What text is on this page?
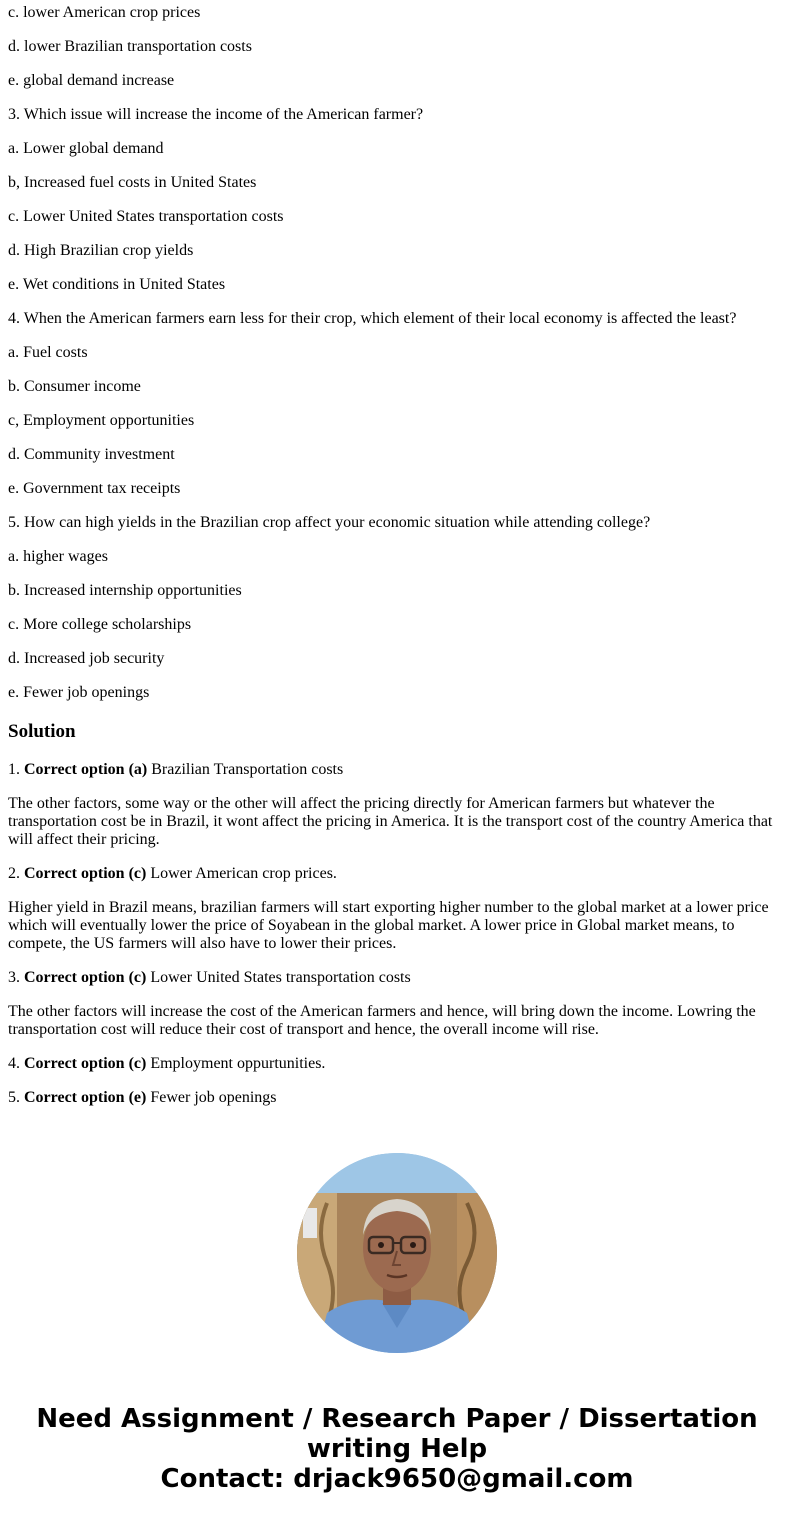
c. lower American crop prices

d. lower Brazilian transportation costs

e. global demand increase

3. Which issue will increase the income of the American farmer?

a. Lower global demand

b, Increased fuel costs in United States

c. Lower United States transportation costs

d. High Brazilian crop yields

e. Wet conditions in United States

4. When the American farmers earn less for their crop, which element of their local economy is affected the least?

a. Fuel costs

b. Consumer income

c, Employment opportunities

d. Community investment

e. Government tax receipts

5. How can high yields in the Brazilian crop affect your economic situation while attending college?

a. higher wages

b. Increased internship opportunities

c. More college scholarships

d. Increased job security

e. Fewer job openings

Solution

1. Correct option (a) Brazilian Transportation costs

The other factors, some way or the other will affect the pricing directly for American farmers but whatever the transportation cost be in Brazil, it wont affect the pricing in America. It is the transport cost of the country America that will affect their pricing.

2. Correct option (c) Lower American crop prices.

Higher yield in Brazil means, brazilian farmers will start exporting higher number to the global market at a lower price which will eventually lower the price of Soyabean in the global market. A lower price in Global market means, to compete, the US farmers will also have to lower their prices.

3. Correct option (c) Lower United States transportation costs

The other factors will increase the cost of the American farmers and hence, will bring down the income. Lowring the transportation cost will reduce their cost of transport and hence, the overall income will rise.

4. Correct option (c) Employment oppurtunities.

5. Correct option (e) Fewer job openings

Need Assignment / Research Paper / Dissertation
writing Help
Contact: drjack9650@gmail.com
